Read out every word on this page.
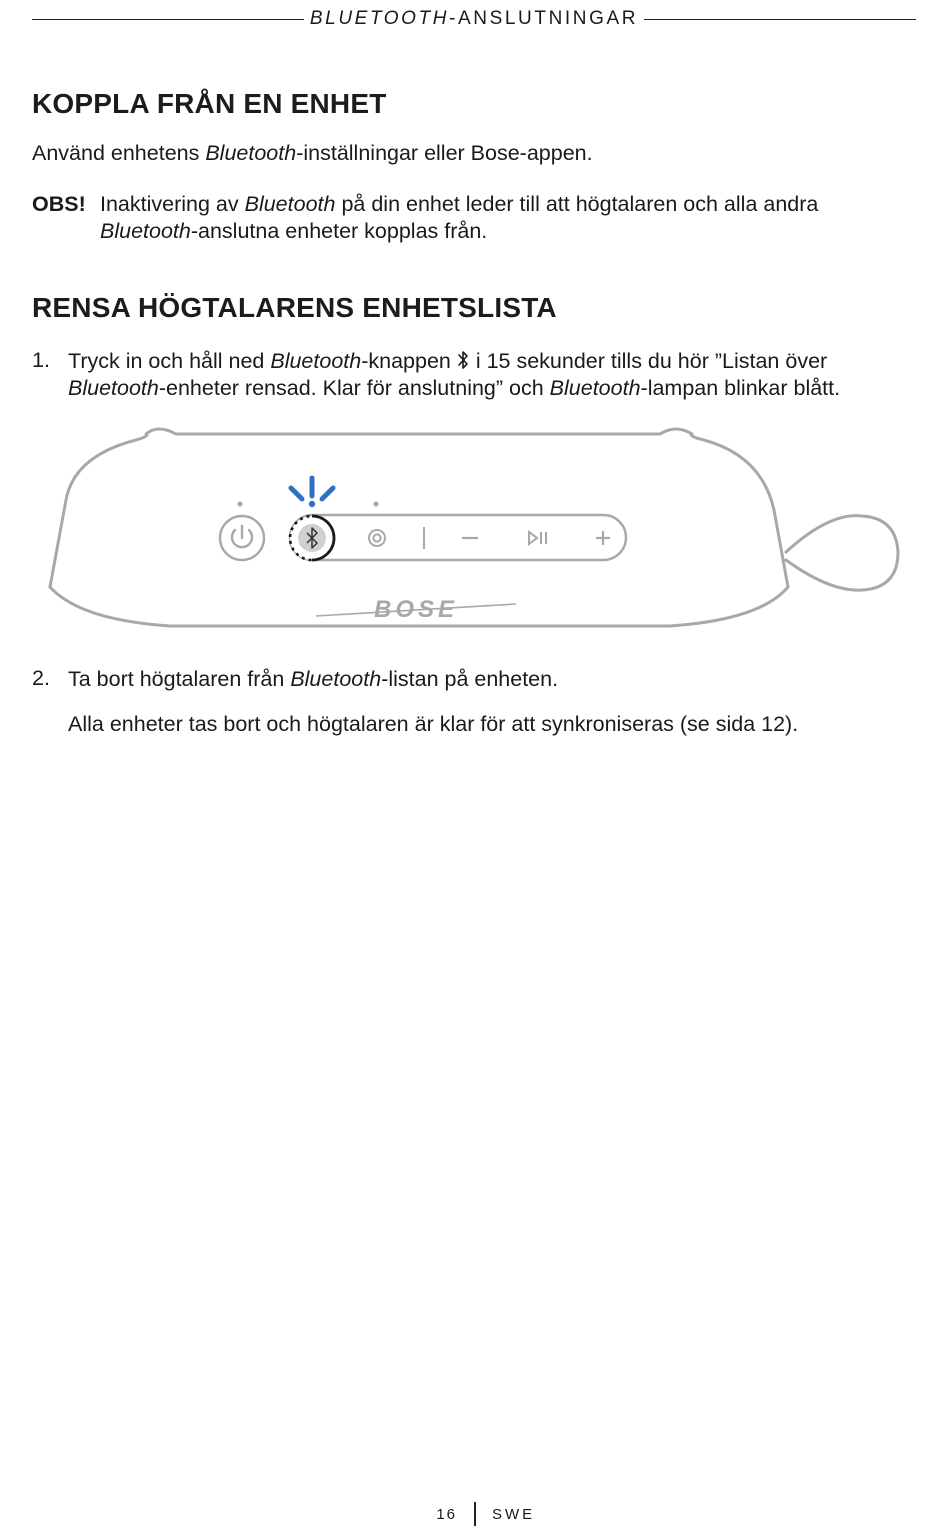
BLUETOOTH-ANSLUTNINGAR
KOPPLA FRÅN EN ENHET

Använd enhetens Bluetooth-inställningar eller Bose-appen.

OBS! Inaktivering av Bluetooth på din enhet leder till att högtalaren och alla andra

Bluetooth-anslutna enheter kopplas från.

RENSA HÖGTALARENS ENHETSLISTA
1. Tryck in och håll ned Bluetooth-knappen  i 15 sekunder tills du hör ”Listan över

Bluetooth-enheter rensad. Klar för anslutning” och Bluetooth-lampan blinkar blått.

BOSE
2. Ta bort högtalaren från Bluetooth-listan på enheten.

Alla enheter tas bort och högtalaren är klar för att synkroniseras (se sida 12).

16 SWE
